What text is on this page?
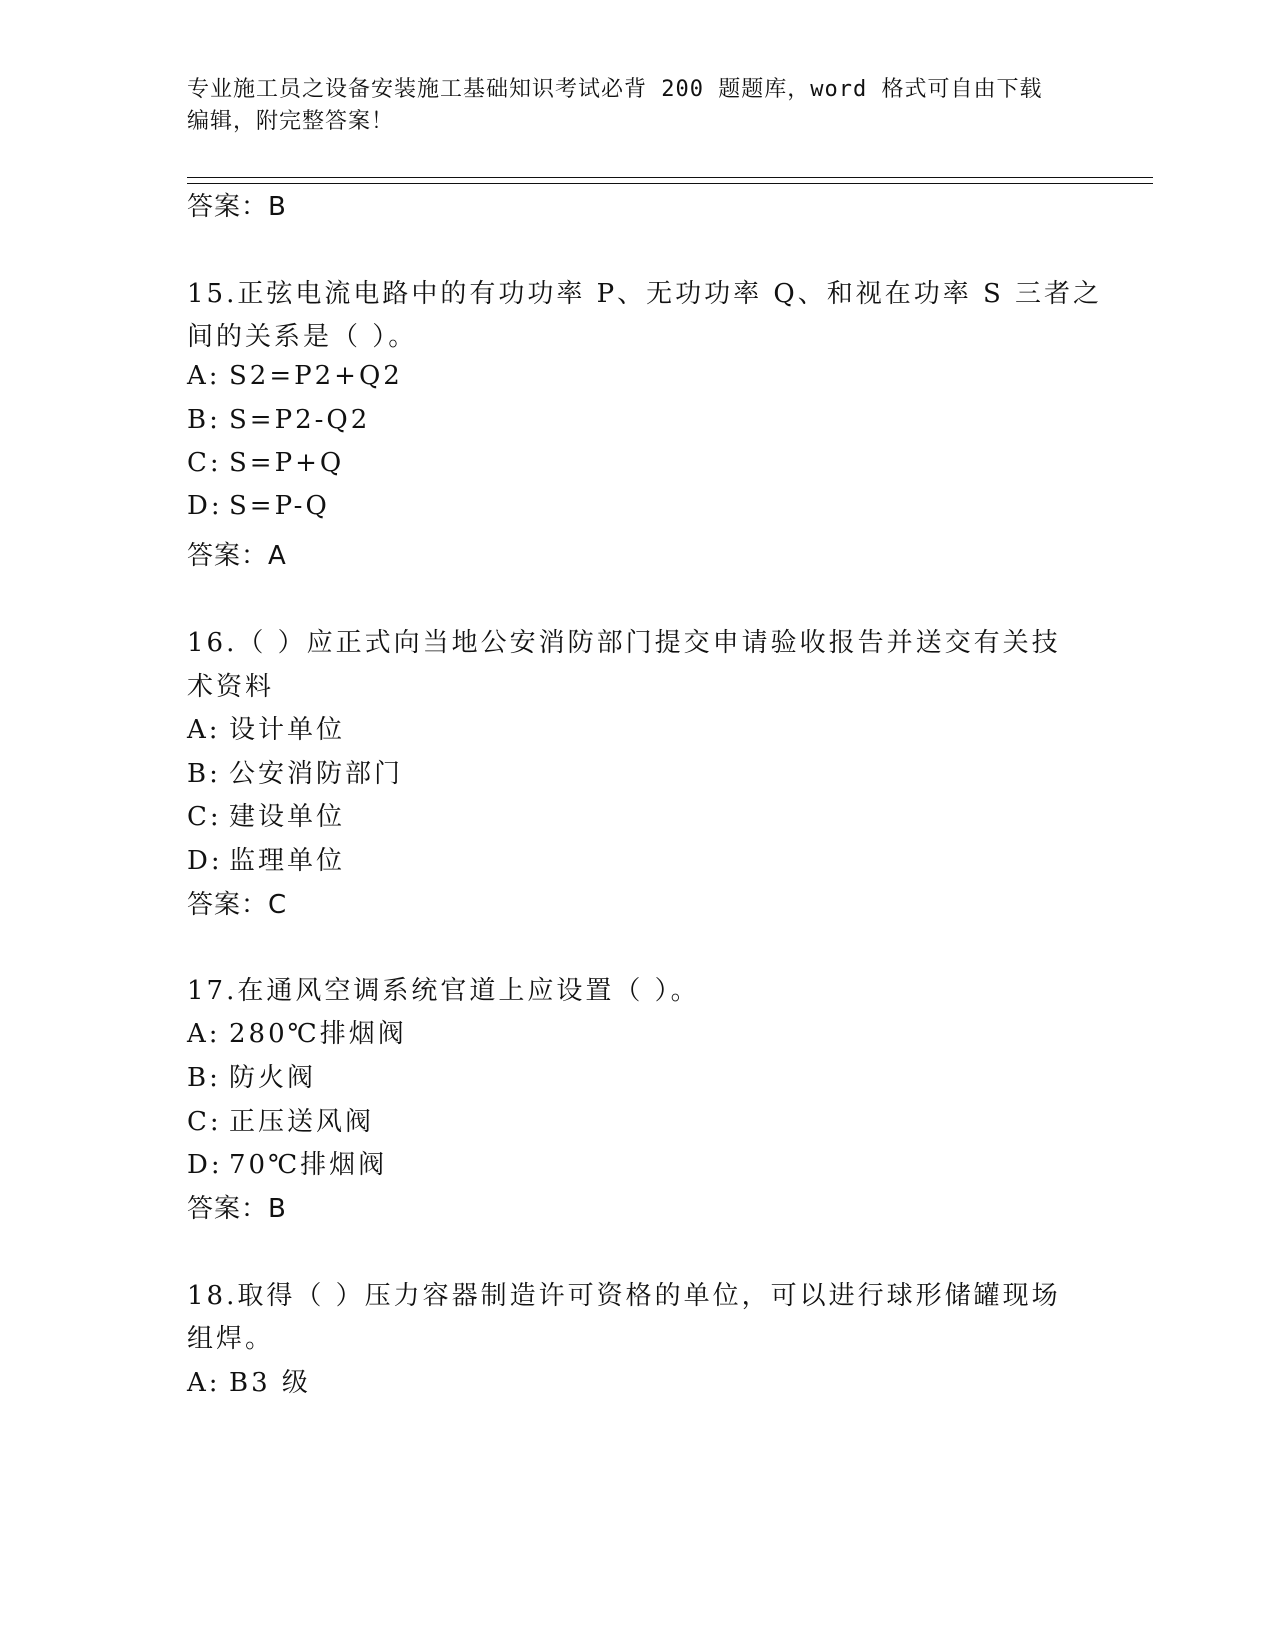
专业施工员之设备安装施工基础知识考试必背 200 题题库，word 格式可自由下载
编辑，附完整答案！
答案：B
15.正弦电流电路中的有功功率 P、无功功率 Q、和视在功率 S 三者之
间的关系是（ ）。
A: S2=P2+Q2
B: S=P2-Q2
C: S=P+Q
D: S=P-Q
答案：A
16.（ ）应正式向当地公安消防部门提交申请验收报告并送交有关技
术资料
A: 设计单位
B: 公安消防部门
C: 建设单位
D: 监理单位
答案：C
17.在通风空调系统官道上应设置（ ）。
A: 280℃排烟阀
B: 防火阀
C: 正压送风阀
D: 70℃排烟阀
答案：B
18.取得（ ）压力容器制造许可资格的单位，可以进行球形储罐现场
组焊。
A: B3 级
